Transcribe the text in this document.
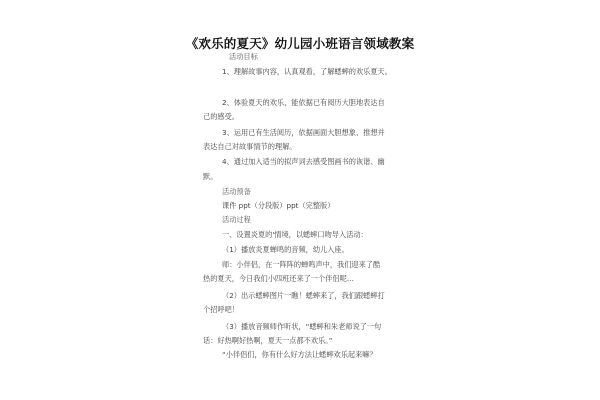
《欢乐的夏天》幼儿园小班语言领域教案
活动目标
1、理解故事内容，认真观看，了解蟋蟀的欢乐夏天。
2、体验夏天的欢乐，能依据已有阅历大胆地表达自
己的感受。
3、运用已有生活阅历，依据画面大胆想象、推想并
表达自己对故事情节的理解。
4、通过加入适当的拟声词去感受图画书的诙谐、幽
默。
活动预备
课件 ppt（分段版）ppt（完整版）
活动过程
一、设置炎夏的'情境，以蟋蟀口吻导入活动：
（1）播放炎夏蝉鸣的音频，幼儿入座。
师：小伴侣，在一阵阵的蝉鸣声中，我们迎来了酷
热的夏天，今日我们小四班还来了一个伴侣呢…
（2）出示蟋蟀图片一瞧！蟋蟀来了，我们跟蟋蟀打
个招呼吧！
（3）播放音频师作听状，“蟋蟀和朱老师说了一句
话：好热啊好热啊，夏天一点都不欢乐。”
“小伴侣们，你有什么好方法让蟋蟀欢乐起来嘛？
